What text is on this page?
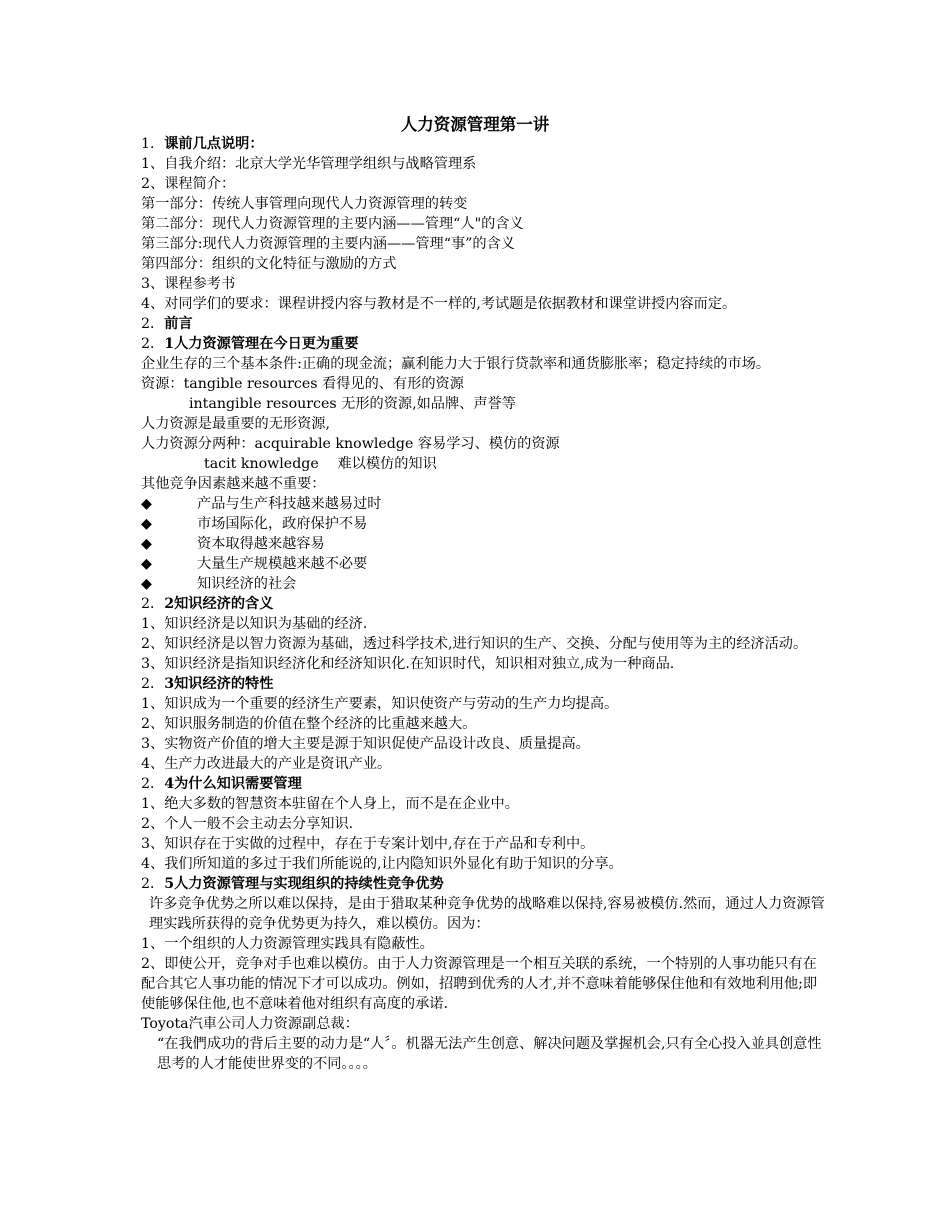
人力资源管理第一讲
1．课前几点说明：
1、自我介绍：北京大学光华管理学组织与战略管理系
2、课程简介：
第一部分：传统人事管理向现代人力资源管理的转变
第二部分：现代人力资源管理的主要内涵——管理“人"的含义
第三部分:现代人力资源管理的主要内涵——管理“事”的含义
第四部分：组织的文化特征与激励的方式
3、课程参考书
4、对同学们的要求：课程讲授内容与教材是不一样的,考试题是依据教材和课堂讲授内容而定。
2．前言
2．1人力资源管理在今日更为重要
企业生存的三个基本条件:正确的现金流；赢利能力大于银行贷款率和通货膨胀率；稳定持续的市场。
资源：tangible resources 看得见的、有形的资源
intangible resources 无形的资源,如品牌、声誉等
人力资源是最重要的无形资源,
人力资源分两种：acquirable knowledge 容易学习、模仿的资源
tacit knowledge　 难以模仿的知识
其他竞争因素越来越不重要：
◆	产品与生产科技越来越易过时
◆	市场国际化，政府保护不易
◆	资本取得越来越容易
◆	大量生产规模越来越不必要
◆	知识经济的社会
2．2知识经济的含义
1、知识经济是以知识为基础的经济.
2、知识经济是以智力资源为基础，透过科学技术,进行知识的生产、交换、分配与使用等为主的经济活动。
3、知识经济是指知识经济化和经济知识化.在知识时代，知识相对独立,成为一种商品.
2．3知识经济的特性
1、知识成为一个重要的经济生产要素，知识使资产与劳动的生产力均提高。
2、知识服务制造的价值在整个经济的比重越来越大。
3、实物资产价值的增大主要是源于知识促使产品设计改良、质量提高。
4、生产力改进最大的产业是资讯产业。
2．4为什么知识需要管理
1、绝大多数的智慧资本驻留在个人身上，而不是在企业中。
2、个人一般不会主动去分享知识.
3、知识存在于实做的过程中，存在于专案计划中,存在于产品和专利中。
4、我们所知道的多过于我们所能说的,让内隐知识外显化有助于知识的分享。
2．5人力资源管理与实现组织的持续性竞争优势
许多竞争优势之所以难以保持，是由于猎取某种竞争优势的战略难以保持,容易被模仿.然而，通过人力资源管理实践所获得的竞争优势更为持久，难以模仿。因为：
1、一个组织的人力资源管理实践具有隐蔽性。
2、即使公开，竞争对手也难以模仿。由于人力资源管理是一个相互关联的系统，一个特别的人事功能只有在配合其它人事功能的情况下才可以成功。例如，招聘到优秀的人才,并不意味着能够保住他和有效地利用他;即使能够保住他,也不意味着他对组织有高度的承诺.
Toyota汽車公司人力资源副总裁：
“在我們成功的背后主要的动力是“人〞。机器无法产生创意、解决问题及掌握机会,只有全心投入並具创意性思考的人才能使世界变的不同。。。。
